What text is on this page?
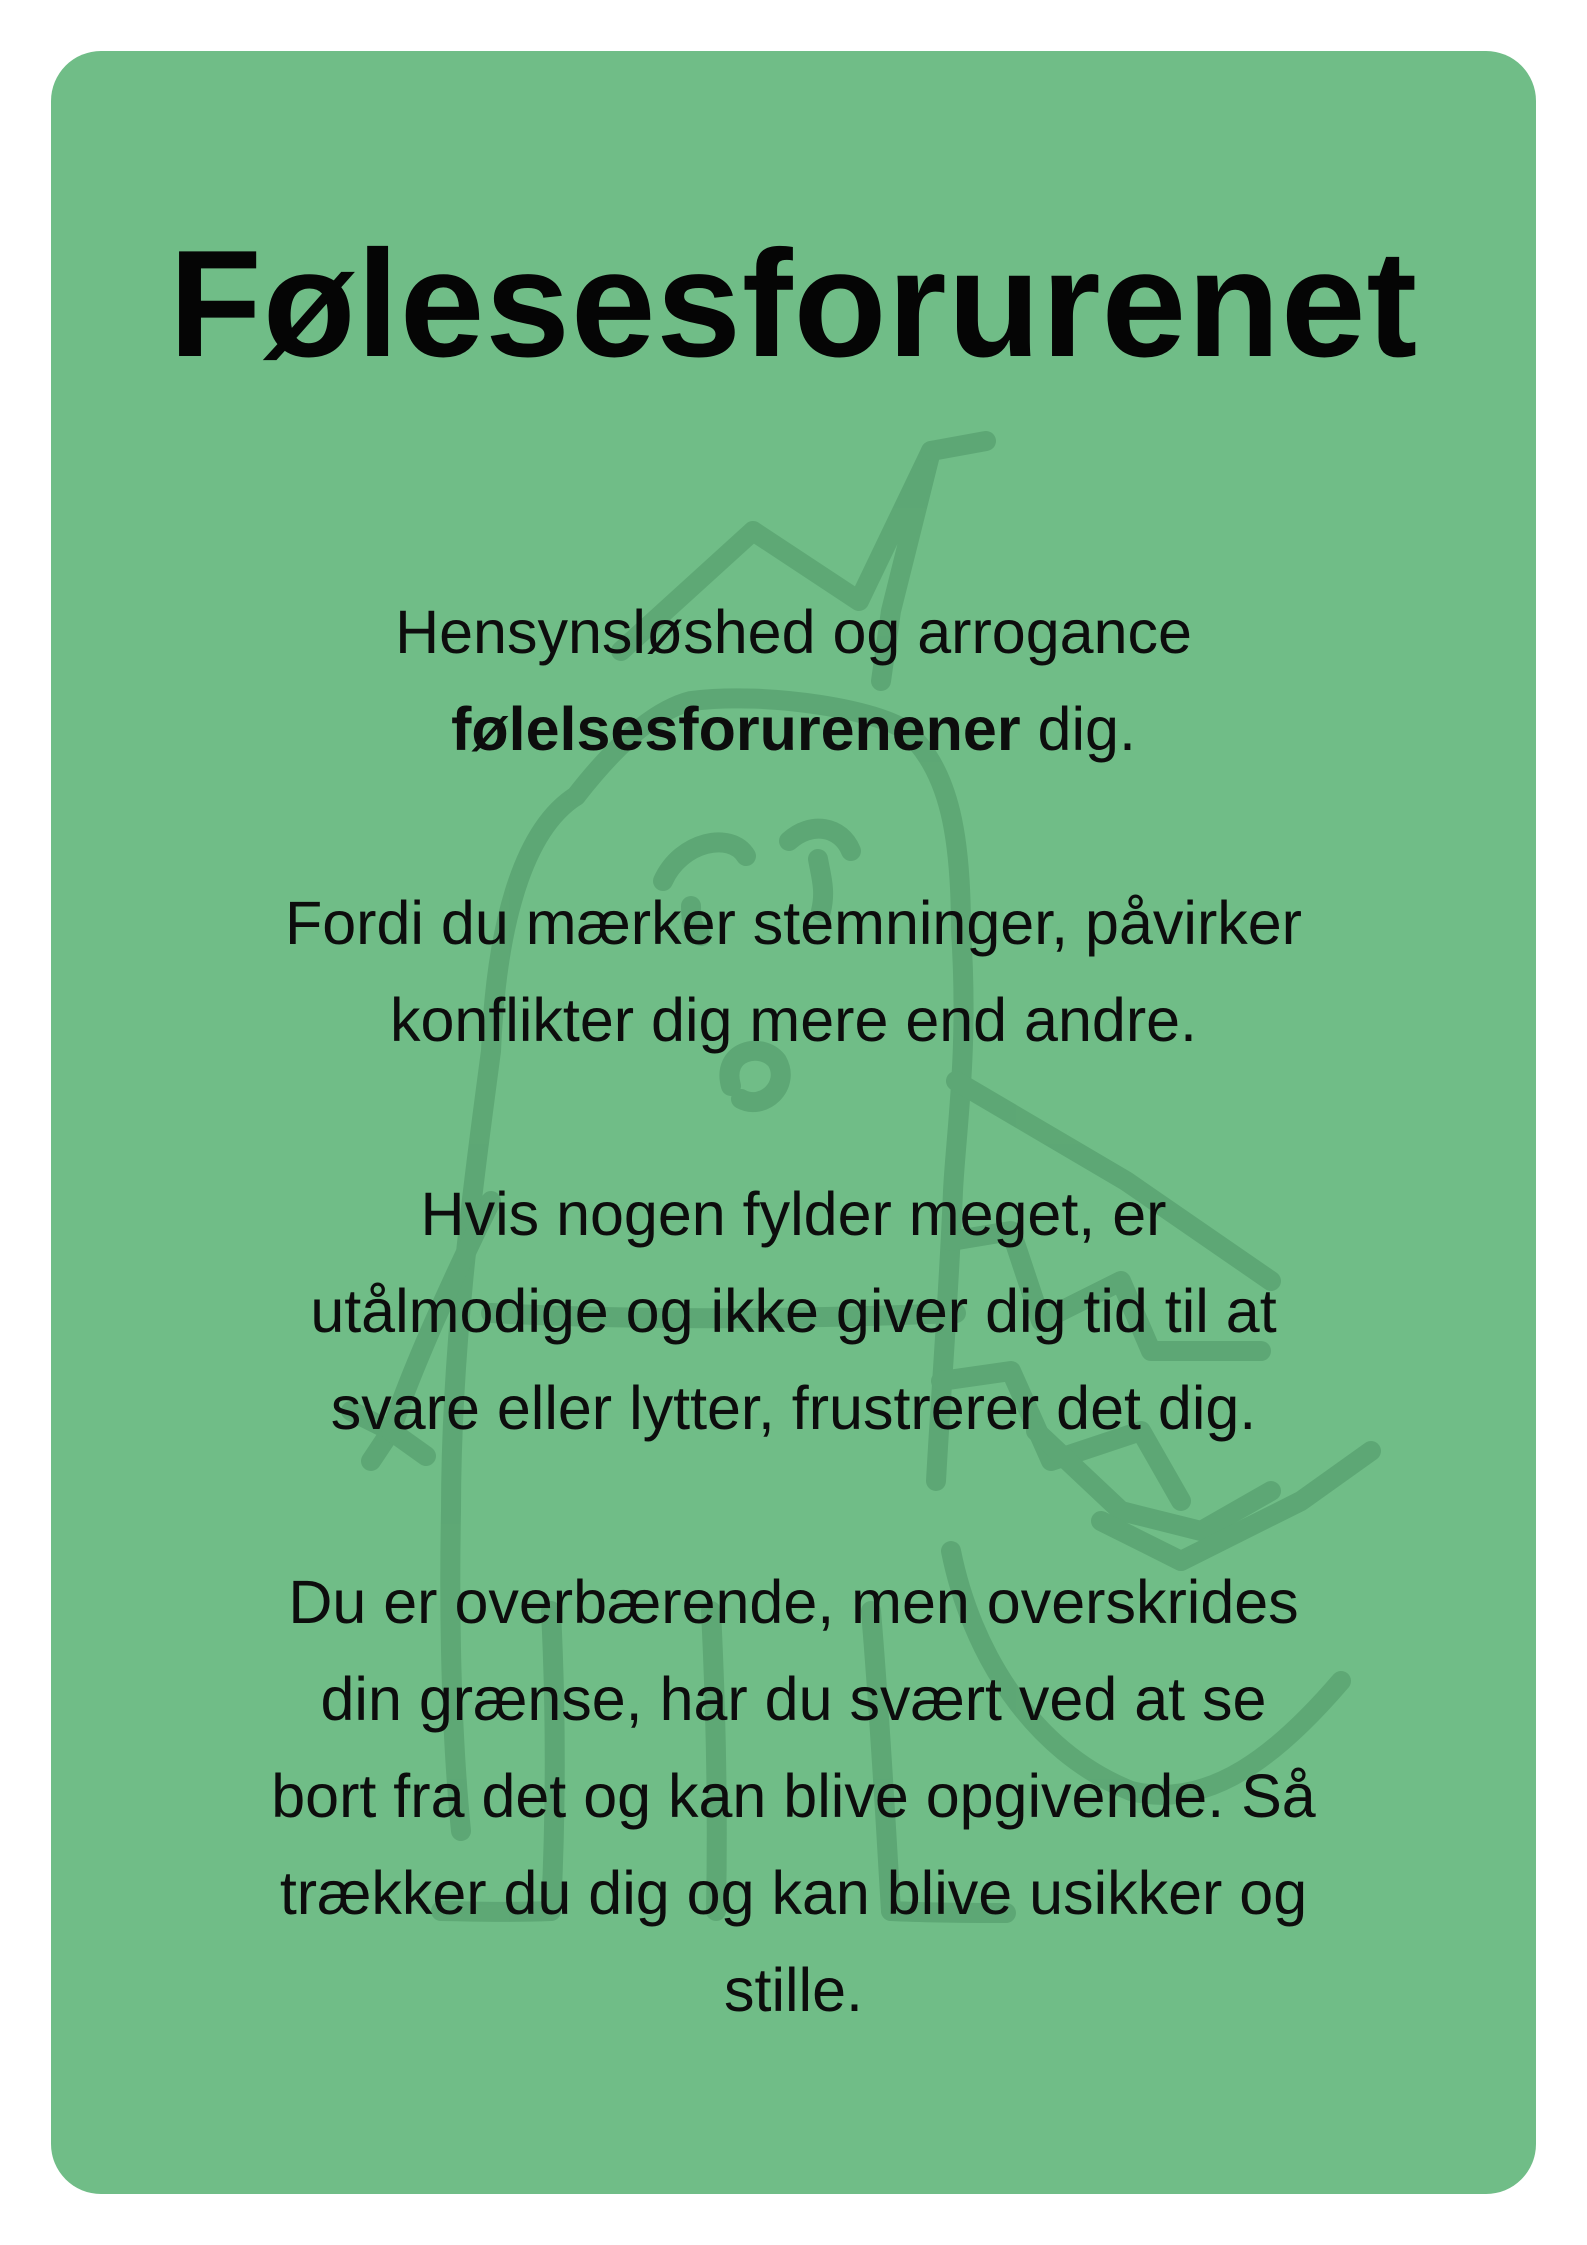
Følesesforurenet

Hensynsløshed og arrogance
følelsesforurenener dig.

Fordi du mærker stemninger, påvirker
konflikter dig mere end andre.

Hvis nogen fylder meget, er
utålmodige og ikke giver dig tid til at
svare eller lytter, frustrerer det dig.

Du er overbærende, men overskrides
din grænse, har du svært ved at se
bort fra det og kan blive opgivende. Så
trækker du dig og kan blive usikker og
stille.
